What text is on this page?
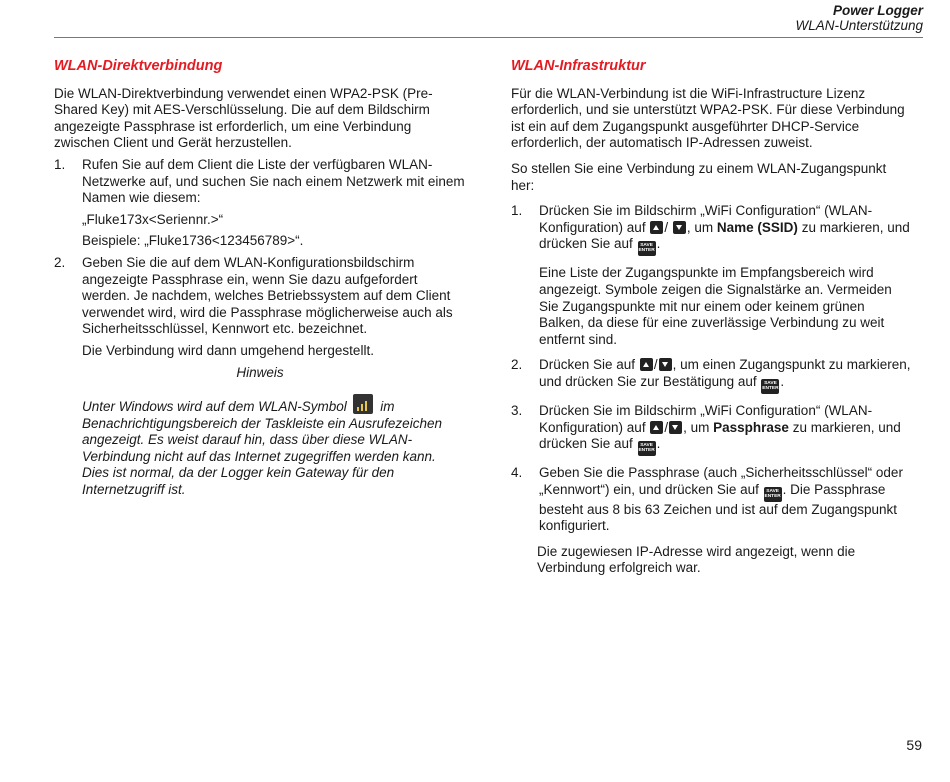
Power Logger
WLAN-Unterstützung
WLAN-Direktverbindung

Die WLAN-Direktverbindung verwendet einen WPA2-PSK (Pre-Shared Key) mit AES-Verschlüsselung. Die auf dem Bildschirm angezeigte Passphrase ist erforderlich, um eine Verbindung zwischen Client und Gerät herzustellen.

1. Rufen Sie auf dem Client die Liste der verfügbaren WLAN-Netzwerke auf, und suchen Sie nach einem Netzwerk mit einem Namen wie diesem:
„Fluke173x<Seriennr.>“
Beispiele: „Fluke1736<123456789>“.
2. Geben Sie die auf dem WLAN-Konfigurationsbildschirm angezeigte Passphrase ein, wenn Sie dazu aufgefordert werden. Je nachdem, welches Betriebssystem auf dem Client verwendet wird, wird die Passphrase möglicherweise auch als Sicherheitsschlüssel, Kennwort etc. bezeichnet.
Die Verbindung wird dann umgehend hergestellt.
Hinweis

Unter Windows wird auf dem WLAN-Symbol im Benachrichtigungsbereich der Taskleiste ein Ausrufezeichen angezeigt. Es weist darauf hin, dass über diese WLAN-Verbindung nicht auf das Internet zugegriffen werden kann. Dies ist normal, da der Logger kein Gateway für den Internetzugriff ist.

WLAN-Infrastruktur

Für die WLAN-Verbindung ist die WiFi-Infrastructure Lizenz erforderlich, und sie unterstützt WPA2-PSK. Für diese Verbindung ist ein auf dem Zugangspunkt ausgeführter DHCP-Service erforderlich, der automatisch IP-Adressen zuweist.

So stellen Sie eine Verbindung zu einem WLAN-Zugangspunkt her:

1. Drücken Sie im Bildschirm „WiFi Configuration“ (WLAN-Konfiguration) auf / , um Name (SSID) zu markieren, und drücken Sie auf SAVE
ENTER .
Eine Liste der Zugangspunkte im Empfangsbereich wird angezeigt. Symbole zeigen die Signalstärke an. Vermeiden Sie Zugangspunkte mit nur einem oder keinem grünen Balken, da diese für eine zuverlässige Verbindung zu weit entfernt sind.
2. Drücken Sie auf / , um einen Zugangspunkt zu markieren, und drücken Sie zur Bestätigung auf SAVE
ENTER .
3. Drücken Sie im Bildschirm „WiFi Configuration“ (WLAN-Konfiguration) auf / , um Passphrase zu markieren, und drücken Sie auf SAVE
ENTER .
4. Geben Sie die Passphrase (auch „Sicherheitsschlüssel“ oder „Kennwort“) ein, und drücken Sie auf SAVE
ENTER . Die Passphrase besteht aus 8 bis 63 Zeichen und ist auf dem Zugangspunkt konfiguriert.

Die zugewiesen IP-Adresse wird angezeigt, wenn die Verbindung erfolgreich war.

59
